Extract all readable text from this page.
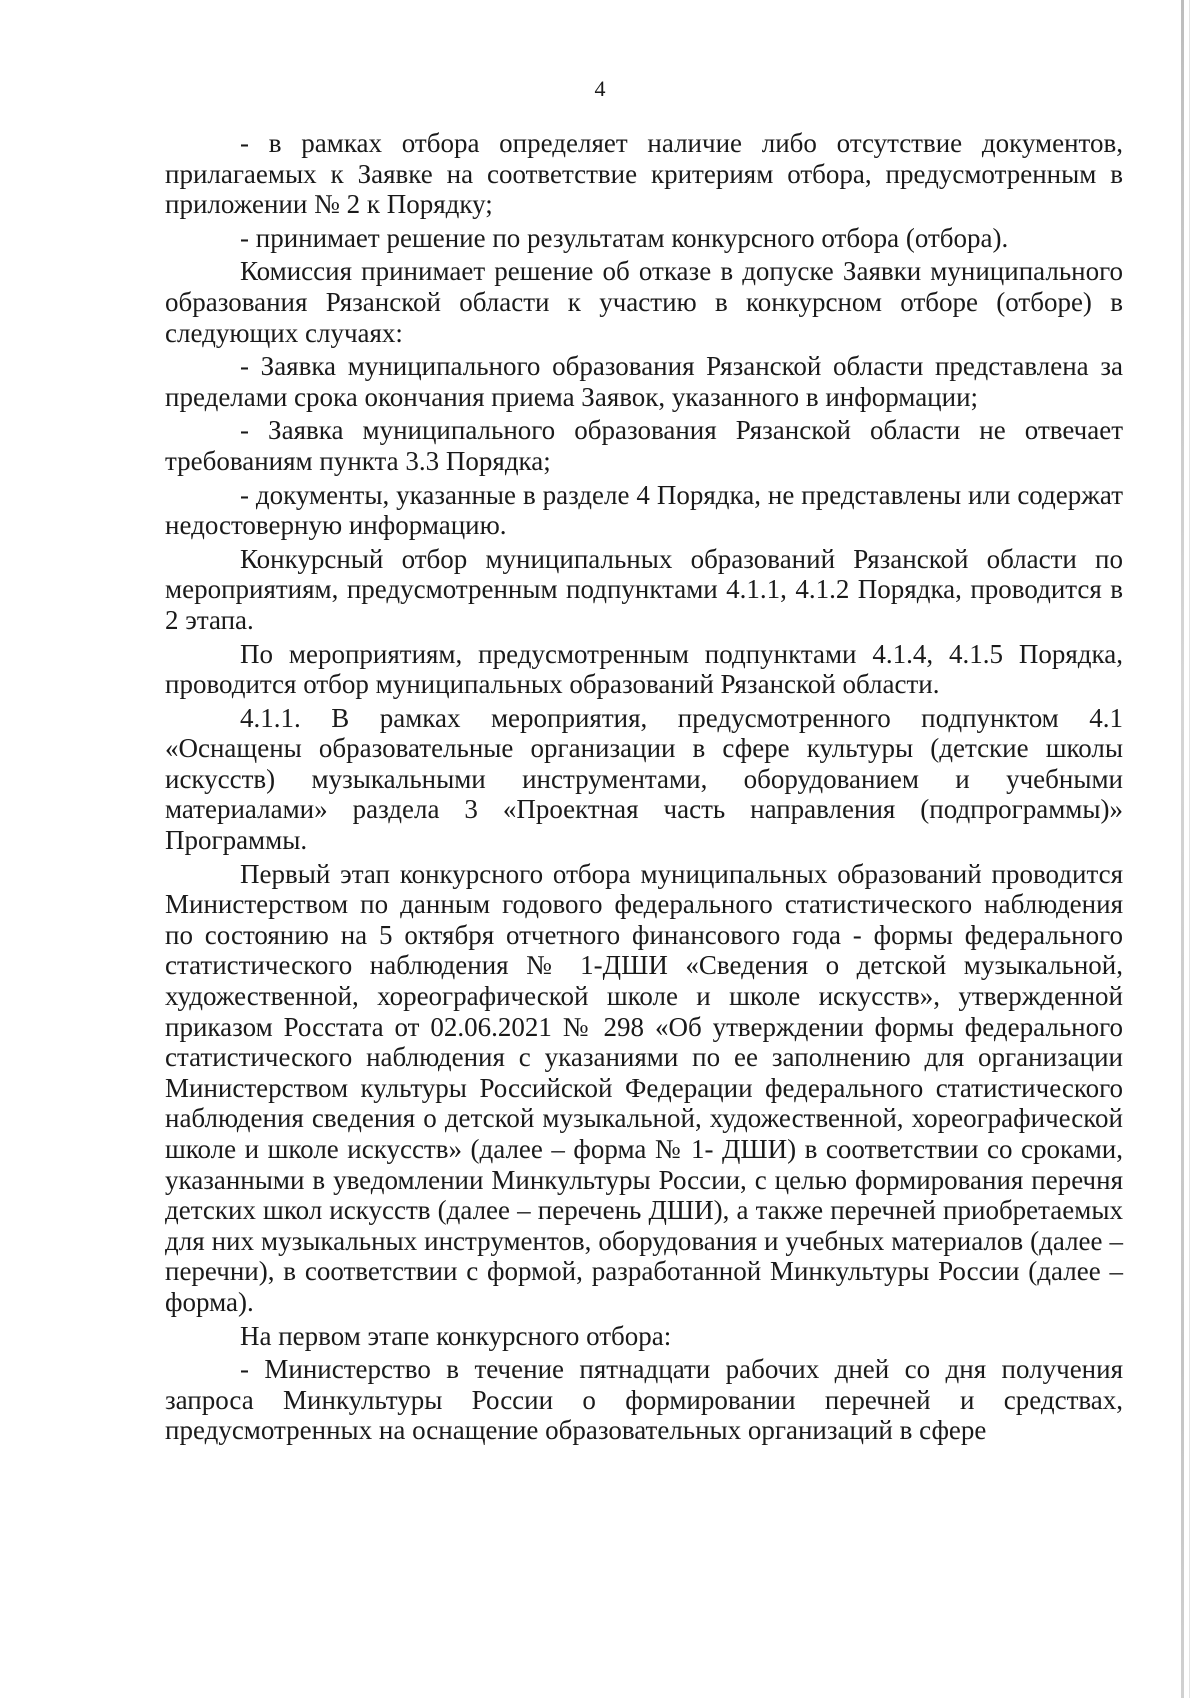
4

- в рамках отбора определяет наличие либо отсутствие документов, прилагаемых к Заявке на соответствие критериям отбора, предусмотренным в приложении № 2 к Порядку;

- принимает решение по результатам конкурсного отбора (отбора).

Комиссия принимает решение об отказе в допуске Заявки муниципального образования Рязанской области к участию в конкурсном отборе (отборе) в следующих случаях:

- Заявка муниципального образования Рязанской области представлена за пределами срока окончания приема Заявок, указанного в информации;

- Заявка муниципального образования Рязанской области не отвечает требованиям пункта 3.3 Порядка;

- документы, указанные в разделе 4 Порядка, не представлены или содержат недостоверную информацию.

Конкурсный отбор муниципальных образований Рязанской области по мероприятиям, предусмотренным подпунктами 4.1.1, 4.1.2 Порядка, проводится в 2 этапа.

По мероприятиям, предусмотренным подпунктами 4.1.4, 4.1.5 Порядка, проводится отбор муниципальных образований Рязанской области.

4.1.1. В рамках мероприятия, предусмотренного подпунктом 4.1 «Оснащены образовательные организации в сфере культуры (детские школы искусств) музыкальными инструментами, оборудованием и учебными материалами» раздела 3 «Проектная часть направления (подпрограммы)» Программы.

Первый этап конкурсного отбора муниципальных образований проводится Министерством по данным годового федерального статистического наблюдения по состоянию на 5 октября отчетного финансового года - формы федерального статистического наблюдения № 1-ДШИ «Сведения о детской музыкальной, художественной, хореографической школе и школе искусств», утвержденной приказом Росстата от 02.06.2021 № 298 «Об утверждении формы федерального статистического наблюдения с указаниями по ее заполнению для организации Министерством культуры Российской Федерации федерального статистического наблюдения сведения о детской музыкальной, художественной, хореографической школе и школе искусств» (далее – форма № 1- ДШИ) в соответствии со сроками, указанными в уведомлении Минкультуры России, с целью формирования перечня детских школ искусств (далее – перечень ДШИ), а также перечней приобретаемых для них музыкальных инструментов, оборудования и учебных материалов (далее – перечни), в соответствии с формой, разработанной Минкультуры России (далее – форма).

На первом этапе конкурсного отбора:

- Министерство в течение пятнадцати рабочих дней со дня получения запроса Минкультуры России о формировании перечней и средствах, предусмотренных на оснащение образовательных организаций в сфере
